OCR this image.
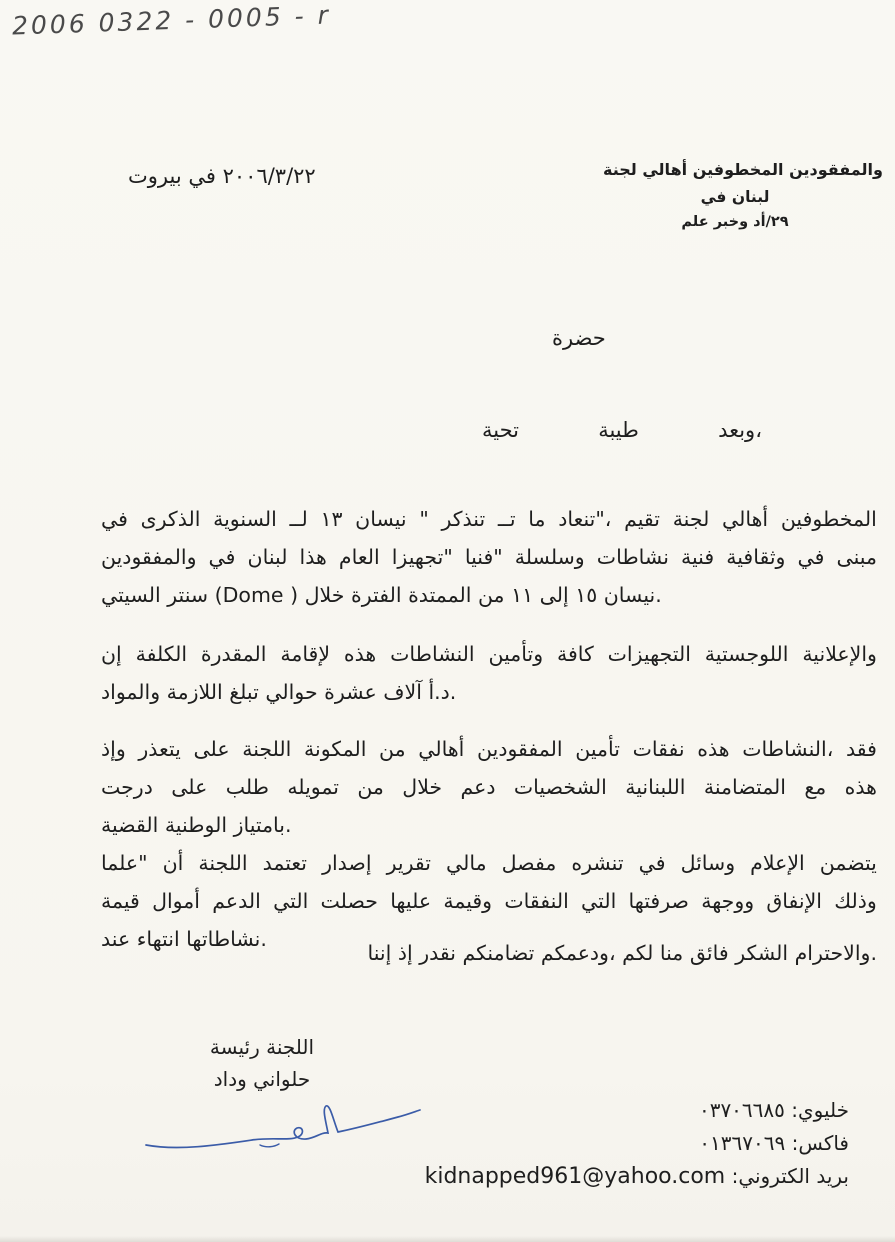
2006 0322 - 0005 - r
لجنة أهالي المخطوفين والمفقودين
في لبنان
علم وخبر ٢٩/أد
بيروت في ٢٠٠٦/٣/٢٢
حضرة
تحية	طيبة	وبعد،
في الذكرى السنوية لــ ١٣ نيسان " تنذكر تــ ما تنعاد"، تقيم لجنة أهالي المخطوفين
والمفقودين في لبنان هذا العام تجهيزا" فنيا" وسلسلة نشاطات فنية وثقافية في مبنى
السيتي سنتر (Dome ) خلال الفترة الممتدة من ١١ إلى ١٥ نيسان.
إن الكلفة المقدرة لإقامة هذه النشاطات وتأمين كافة التجهيزات اللوجستية والإعلانية
والمواد اللازمة تبلغ حوالي عشرة آلاف د.أ.
وإذ يتعذر على اللجنة المكونة من أهالي المفقودين تأمين نفقات هذه النشاطات، فقد
درجت على طلب تمويله من خلال دعم الشخصيات اللبنانية المتضامنة مع هذه
القضية الوطنية بامتياز.
علما" أن اللجنة تعتمد إصدار تقرير مالي مفصل تنشره في وسائل الإعلام يتضمن
قيمة أموال الدعم التي حصلت عليها وقيمة النفقات التي صرفتها ووجهة الإنفاق وذلك
عند انتهاء نشاطاتها.
إننا إذ نقدر تضامنكم ودعمكم، لكم منا فائق الشكر والاحترام.
رئيسة اللجنة
وداد حلواني
خليوي: ٠٣٧٠٦٦٨٥
فاكس: ٠١٣٦٧٠٦٩
بريد الكتروني: kidnapped961@yahoo.com
